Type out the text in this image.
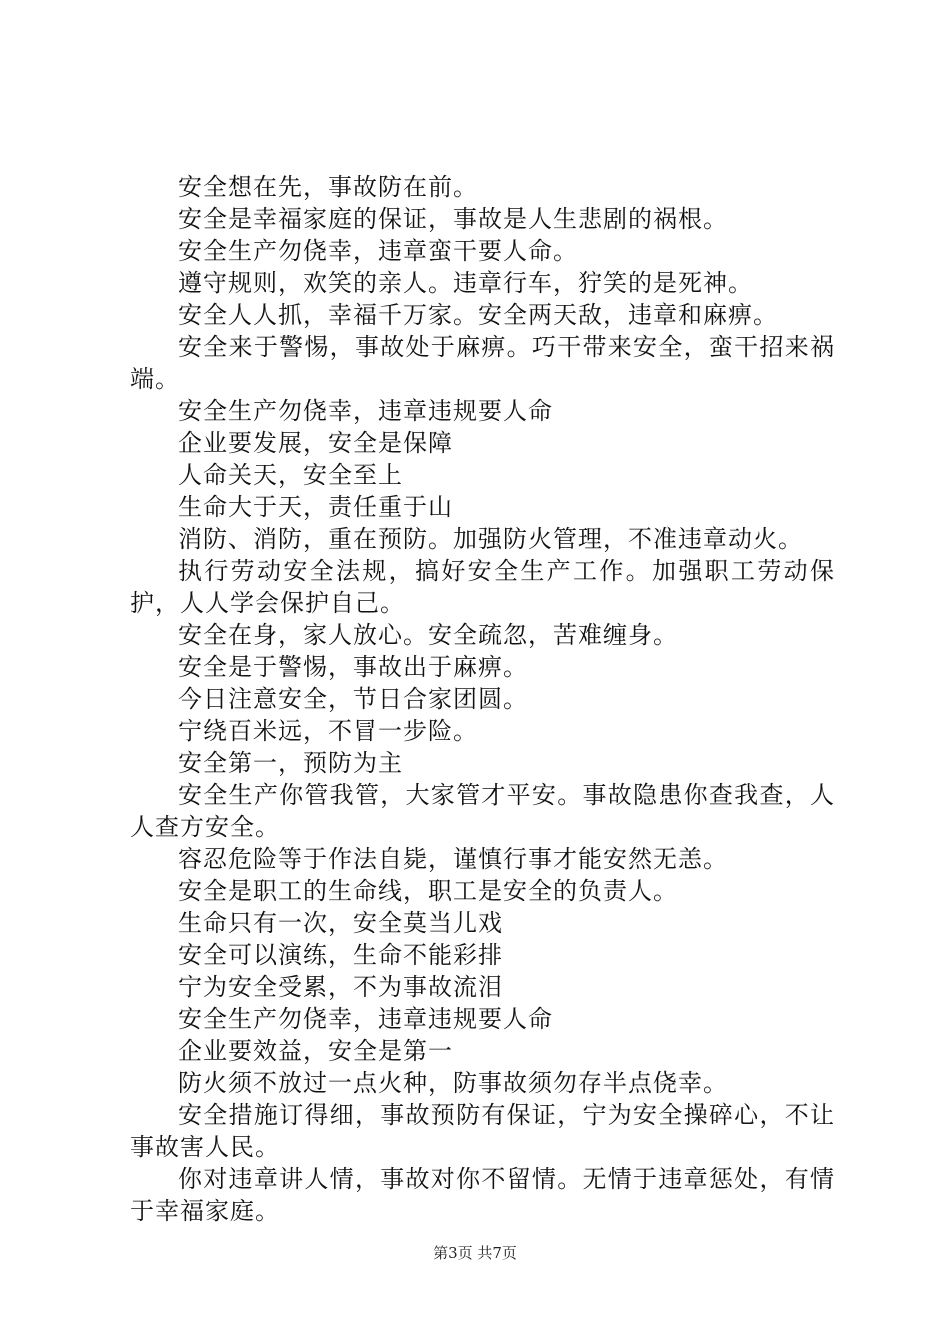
安全想在先，事故防在前。

安全是幸福家庭的保证，事故是人生悲剧的祸根。

安全生产勿侥幸，违章蛮干要人命。

遵守规则，欢笑的亲人。违章行车，狞笑的是死神。

安全人人抓，幸福千万家。安全两天敌，违章和麻痹。

安全来于警惕，事故处于麻痹。巧干带来安全，蛮干招来祸端。

安全生产勿侥幸，违章违规要人命

企业要发展，安全是保障

人命关天，安全至上

生命大于天，责任重于山

消防、消防，重在预防。加强防火管理，不准违章动火。

执行劳动安全法规，搞好安全生产工作。加强职工劳动保护，人人学会保护自己。

安全在身，家人放心。安全疏忽，苦难缠身。

安全是于警惕，事故出于麻痹。

今日注意安全，节日合家团圆。

宁绕百米远，不冒一步险。

安全第一，预防为主

安全生产你管我管，大家管才平安。事故隐患你查我查，人人查方安全。

容忍危险等于作法自毙，谨慎行事才能安然无恙。

安全是职工的生命线，职工是安全的负责人。

生命只有一次，安全莫当儿戏

安全可以演练，生命不能彩排

宁为安全受累，不为事故流泪

安全生产勿侥幸，违章违规要人命

企业要效益，安全是第一

防火须不放过一点火种，防事故须勿存半点侥幸。

安全措施订得细，事故预防有保证，宁为安全操碎心，不让事故害人民。

你对违章讲人情，事故对你不留情。无情于违章惩处，有情于幸福家庭。

第3页 共7页
